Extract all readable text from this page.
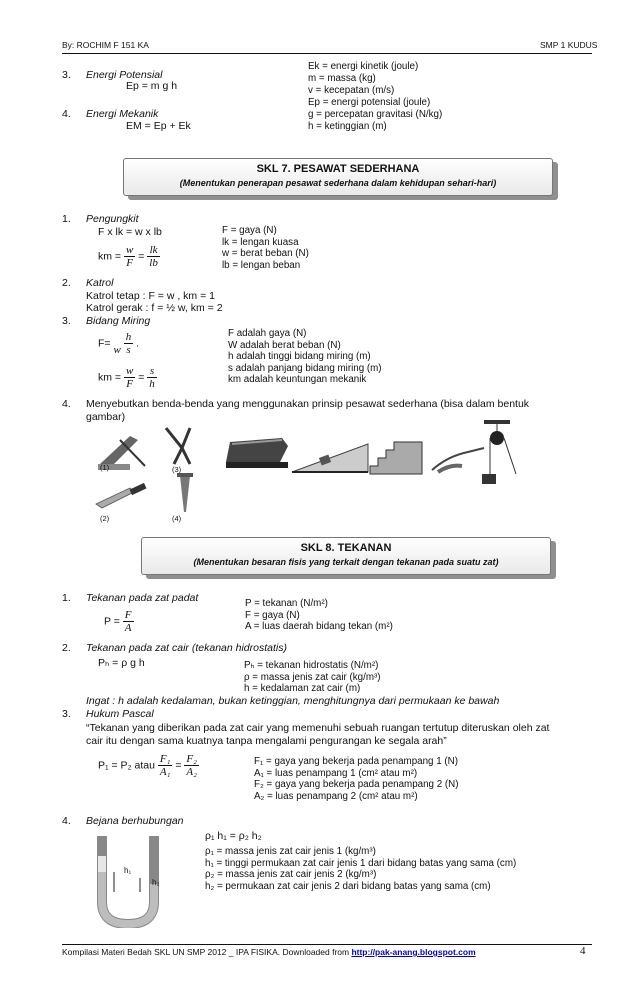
By: ROCHIM F 151 KA	SMP 1 KUDUS
3. Energi Potensial
Ep = m g h
4. Energi Mekanik
EM = Ep + Ek
Ek = energi kinetik (joule)
m = massa (kg)
v = kecepatan (m/s)
Ep = energi potensial (joule)
g = percepatan gravitasi (N/kg)
h = ketinggian (m)
SKL 7. PESAWAT SEDERHANA
(Menentukan penerapan pesawat sederhana dalam kehidupan sehari-hari)
1. Pengungkit
F x lk = w x lb
km = $\frac{w}{F} = \frac{lk}{lb}$
F = gaya (N)
lk = lengan kuasa
w = berat beban (N)
lb = lengan beban
2. Katrol
Katrol tetap : F = w , km = 1
Katrol gerak : f = ½ w, km = 2
3. Bidang Miring
F=
w $\frac{h}{s}$ .
km = $\frac{w}{F} = \frac{s}{h}$
F adalah gaya (N)
W adalah berat beban (N)
h adalah tinggi bidang miring (m)
s adalah panjang bidang miring (m)
km adalah keuntungan mekanik
4. Menyebutkan benda-benda yang menggunakan prinsip pesawat sederhana (bisa dalam bentuk
gambar)
(1)
(2)
(3)
(4)
SKL 8. TEKANAN
(Menentukan besaran fisis yang terkait dengan tekanan pada suatu zat)
1. Tekanan pada zat padat
$P = \frac{F}{A}$
P = tekanan (N/m²)
F = gaya (N)
A = luas daerah bidang tekan (m²)
2. Tekanan pada zat cair (tekanan hidrostatis)
Pₕ = ρ g h	Pₕ = tekanan hidrostatis (N/m²)
ρ = massa jenis zat cair (kg/m³)
h = kedalaman zat cair (m)
Ingat : h adalah kedalaman, bukan ketinggian, menghitungnya dari permukaan ke bawah
3. Hukum Pascal
“Tekanan yang diberikan pada zat cair yang memenuhi sebuah ruangan tertutup diteruskan oleh zat
cair itu dengan sama kuatnya tanpa mengalami pengurangan ke segala arah”
P₁ = P₂ atau $\frac{\text{F₁}}{\text{A₁}} = \frac{\text{F₂}}{\text{A₂}}$	F₁ = gaya yang bekerja pada penampang 1 (N)
A₁ = luas penampang 1 (cm² atau m²)
F₂ = gaya yang bekerja pada penampang 2 (N)
A₂ = luas penampang 2 (cm² atau m²)
4. Bejana berhubungan
ρ₁ h₁ = ρ₂ h₂
ρ₁ = massa jenis zat cair jenis 1 (kg/m³)
h₁ = tinggi permukaan zat cair jenis 1 dari bidang batas yang sama (cm)
ρ₂ = massa jenis zat cair jenis 2 (kg/m³)
h₂ = permukaan zat cair jenis 2 dari bidang batas yang sama (cm)
h₁
h₂
Kompilasi Materi Bedah SKL UN SMP 2012 _ IPA FISIKA. Downloaded from http://pak-anang.blogspot.com	4
